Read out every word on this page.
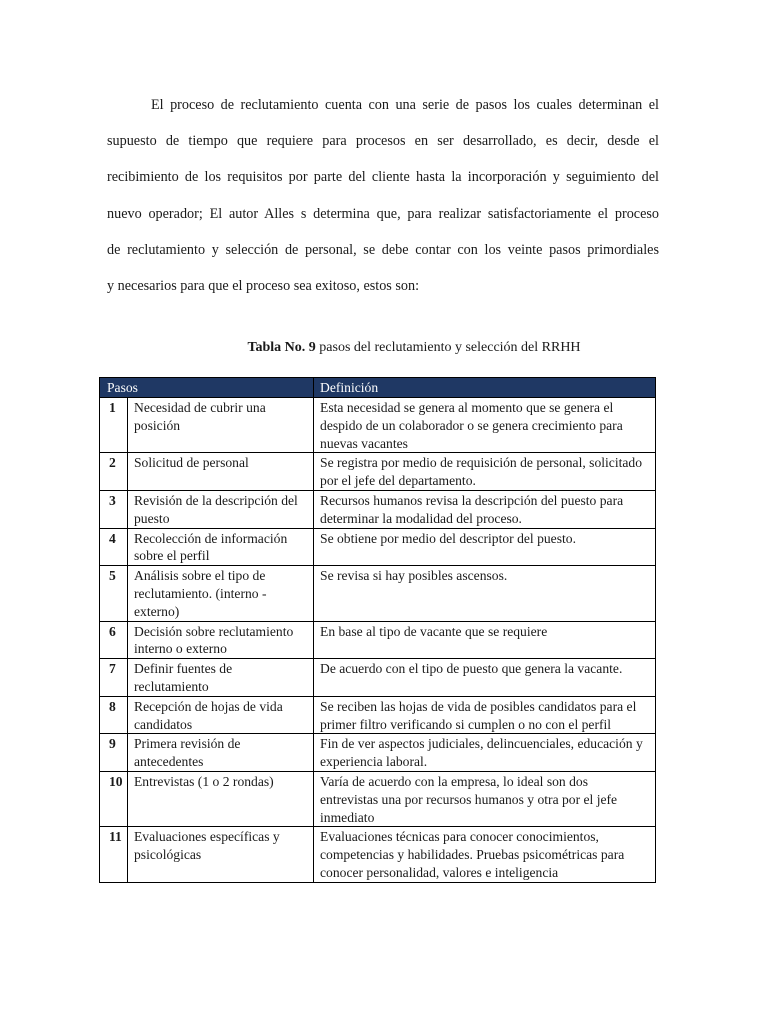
El proceso de reclutamiento cuenta con una serie de pasos los cuales determinan el
supuesto de tiempo que requiere para procesos en ser desarrollado, es decir, desde el
recibimiento de los requisitos por parte del cliente hasta la incorporación y seguimiento del
nuevo operador; El autor Alles s determina que, para realizar satisfactoriamente el proceso
de reclutamiento y selección de personal, se debe contar con los veinte pasos primordiales
y necesarios para que el proceso sea exitoso, estos son:

Tabla No. 9 pasos del reclutamiento y selección del RRHH

Pasos		Definición
1	Necesidad de cubrir una posición	Esta necesidad se genera al momento que se genera el despido de un colaborador o se genera crecimiento para nuevas vacantes
2	Solicitud de personal	Se registra por medio de requisición de personal, solicitado por el jefe del departamento.
3	Revisión de la descripción del puesto	Recursos humanos revisa la descripción del puesto para determinar la modalidad del proceso.
4	Recolección de información sobre el perfil	Se obtiene por medio del descriptor del puesto.
5	Análisis sobre el tipo de reclutamiento. (interno - externo)	Se revisa si hay posibles ascensos.
6	Decisión sobre reclutamiento interno o externo	En base al tipo de vacante que se requiere
7	Definir fuentes de reclutamiento	De acuerdo con el tipo de puesto que genera la vacante.
8	Recepción de hojas de vida candidatos	Se reciben las hojas de vida de posibles candidatos para el primer filtro verificando si cumplen o no con el perfil
9	Primera revisión de antecedentes	Fin de ver aspectos judiciales, delincuenciales, educación y experiencia laboral.
10	Entrevistas (1 o 2 rondas)	Varía de acuerdo con la empresa, lo ideal son dos entrevistas una por recursos humanos y otra por el jefe inmediato
11	Evaluaciones específicas y psicológicas	Evaluaciones técnicas para conocer conocimientos, competencias y habilidades. Pruebas psicométricas para conocer personalidad, valores e inteligencia
